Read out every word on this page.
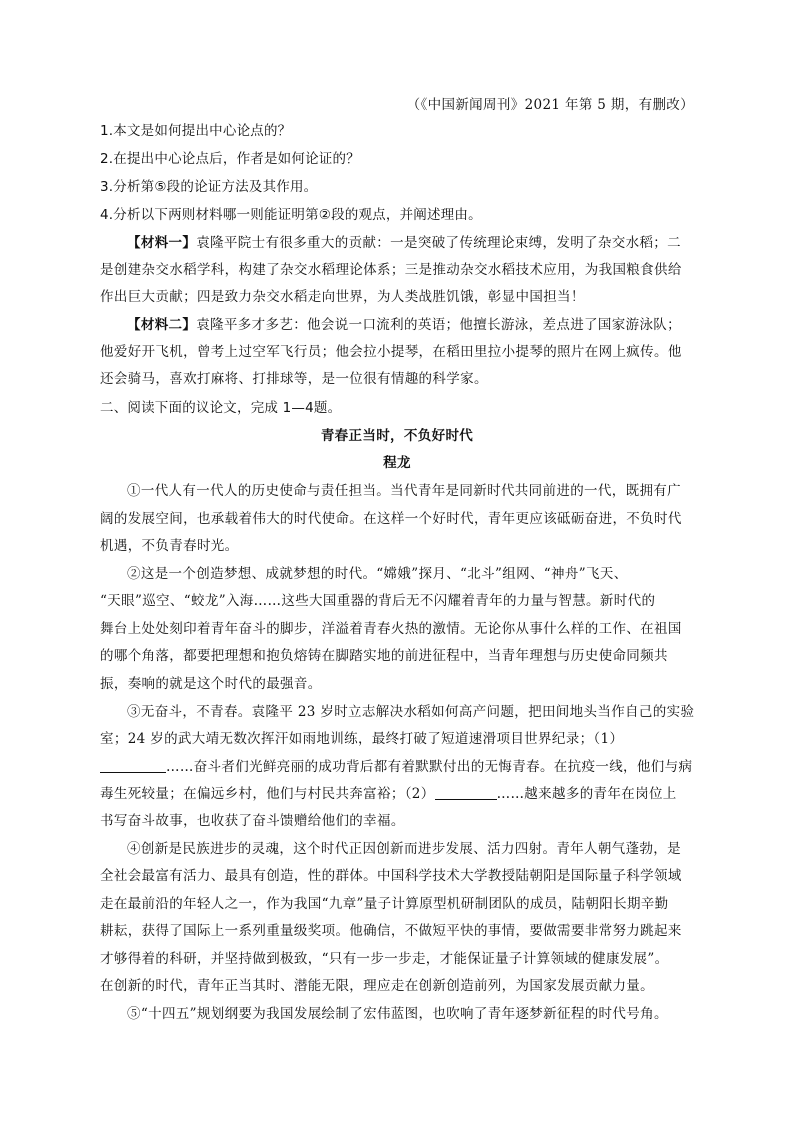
（《中国新闻周刊》2021 年第 5 期，有删改）
1.本文是如何提出中心论点的？
2.在提出中心论点后，作者是如何论证的？
3.分析第⑤段的论证方法及其作用。
4.分析以下两则材料哪一则能证明第②段的观点，并阐述理由。
【材料一】袁隆平院士有很多重大的贡献：一是突破了传统理论束缚，发明了杂交水稻；二
是创建杂交水稻学科，构建了杂交水稻理论体系；三是推动杂交水稻技术应用，为我国粮食供给
作出巨大贡献；四是致力杂交水稻走向世界，为人类战胜饥饿，彰显中国担当！
【材料二】袁隆平多才多艺：他会说一口流利的英语；他擅长游泳，差点进了国家游泳队；
他爱好开飞机，曾考上过空军飞行员；他会拉小提琴，在稻田里拉小提琴的照片在网上疯传。他
还会骑马，喜欢打麻将、打排球等，是一位很有情趣的科学家。
二、阅读下面的议论文，完成 1—4题。
青春正当时，不负好时代
程龙
①一代人有一代人的历史使命与责任担当。当代青年是同新时代共同前进的一代，既拥有广
阔的发展空间，也承载着伟大的时代使命。在这样一个好时代，青年更应该砥砺奋进，不负时代
机遇，不负青春时光。
②这是一个创造梦想、成就梦想的时代。“嫦娥”探月、“北斗”组网、“神舟”飞天、
“天眼”巡空、“蛟龙”入海……这些大国重器的背后无不闪耀着青年的力量与智慧。新时代的
舞台上处处刻印着青年奋斗的脚步，洋溢着青春火热的激情。无论你从事什么样的工作、在祖国
的哪个角落，都要把理想和抱负熔铸在脚踏实地的前进征程中，当青年理想与历史使命同频共
振，奏响的就是这个时代的最强音。
③无奋斗，不青春。袁隆平 23 岁时立志解决水稻如何高产问题，把田间地头当作自己的实验
室；24 岁的武大靖无数次挥汗如雨地训练，最终打破了短道速滑项目世界纪录；（1）
……奋斗者们光鲜亮丽的成功背后都有着默默付出的无悔青春。在抗疫一线，他们与病
毒生死较量；在偏远乡村，他们与村民共奔富裕；（2）	……越来越多的青年在岗位上
书写奋斗故事，也收获了奋斗馈赠给他们的幸福。
④创新是民族进步的灵魂，这个时代正因创新而进步发展、活力四射。青年人朝气蓬勃，是
全社会最富有活力、最具有创造，性的群体。中国科学技术大学教授陆朝阳是国际量子科学领域
走在最前沿的年轻人之一，作为我国“九章”量子计算原型机研制团队的成员，陆朝阳长期辛勤
耕耘，获得了国际上一系列重量级奖项。他确信，不做短平快的事情，要做需要非常努力跳起来
才够得着的科研，并坚持做到极致，“只有一步一步走，才能保证量子计算领域的健康发展”。
在创新的时代，青年正当其时、潜能无限，理应走在创新创造前列，为国家发展贡献力量。
⑤“十四五”规划纲要为我国发展绘制了宏伟蓝图，也吹响了青年逐梦新征程的时代号角。
